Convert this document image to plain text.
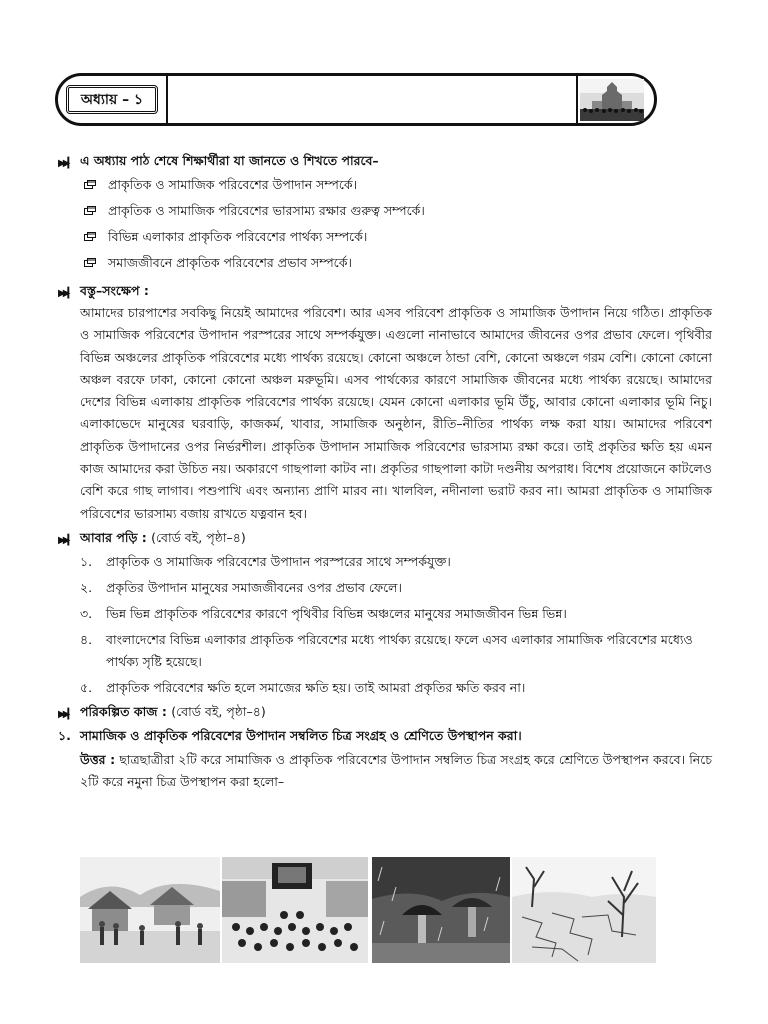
অধ্যায় – ১
▶▶▎ এ অধ্যায় পাঠ শেষে শিক্ষার্থীরা যা জানতে ও শিখতে পারবে–
প্রাকৃতিক ও সামাজিক পরিবেশের উপাদান সম্পর্কে।
প্রাকৃতিক ও সামাজিক পরিবেশের ভারসাম্য রক্ষার গুরুত্ব সম্পর্কে।
বিভিন্ন এলাকার প্রাকৃতিক পরিবেশের পার্থক্য সম্পর্কে।
সমাজজীবনে প্রাকৃতিক পরিবেশের প্রভাব সম্পর্কে।
▶▶▎ বস্তু–সংক্ষেপ :
আমাদের চারপাশের সবকিছু নিয়েই আমাদের পরিবেশ। আর এসব পরিবেশ প্রাকৃতিক ও সামাজিক উপাদান নিয়ে গঠিত। প্রাকৃতিক ও সামাজিক পরিবেশের উপাদান পরস্পরের সাথে সম্পর্কযুক্ত। এগুলো নানাভাবে আমাদের জীবনের ওপর প্রভাব ফেলে। পৃথিবীর বিভিন্ন অঞ্চলের প্রাকৃতিক পরিবেশের মধ্যে পার্থক্য রয়েছে। কোনো অঞ্চলে ঠান্ডা বেশি, কোনো অঞ্চলে গরম বেশি। কোনো কোনো অঞ্চল বরফে ঢাকা, কোনো কোনো অঞ্চল মরুভূমি। এসব পার্থক্যের কারণে সামাজিক জীবনের মধ্যে পার্থক্য রয়েছে। আমাদের দেশের বিভিন্ন এলাকায় প্রাকৃতিক পরিবেশের পার্থক্য রয়েছে। যেমন কোনো এলাকার ভূমি উঁচু, আবার কোনো এলাকার ভূমি নিচু। এলাকাভেদে মানুষের ঘরবাড়ি, কাজকর্ম, খাবার, সামাজিক অনুষ্ঠান, রীতি–নীতির পার্থক্য লক্ষ করা যায়। আমাদের পরিবেশ প্রাকৃতিক উপাদানের ওপর নির্ভরশীল। প্রাকৃতিক উপাদান সামাজিক পরিবেশের ভারসাম্য রক্ষা করে। তাই প্রকৃতির ক্ষতি হয় এমন কাজ আমাদের করা উচিত নয়। অকারণে গাছপালা কাটব না। প্রকৃতির গাছপালা কাটা দণ্ডনীয় অপরাধ। বিশেষ প্রয়োজনে কাটলেও বেশি করে গাছ লাগাব। পশুপাখি এবং অন্যান্য প্রাণি মারব না। খালবিল, নদীনালা ভরাট করব না। আমরা প্রাকৃতিক ও সামাজিক পরিবেশের ভারসাম্য বজায় রাখতে যত্নবান হব।
▶▶▎ আবার পড়ি : (বোর্ড বই, পৃষ্ঠা–৪)
১. প্রাকৃতিক ও সামাজিক পরিবেশের উপাদান পরস্পরের সাথে সম্পর্কযুক্ত।
২. প্রকৃতির উপাদান মানুষের সমাজজীবনের ওপর প্রভাব ফেলে।
৩. ভিন্ন ভিন্ন প্রাকৃতিক পরিবেশের কারণে পৃথিবীর বিভিন্ন অঞ্চলের মানুষের সমাজজীবন ভিন্ন ভিন্ন।
৪. বাংলাদেশের বিভিন্ন এলাকার প্রাকৃতিক পরিবেশের মধ্যে পার্থক্য রয়েছে। ফলে এসব এলাকার সামাজিক পরিবেশের মধ্যেও পার্থক্য সৃষ্টি হয়েছে।
৫. প্রাকৃতিক পরিবেশের ক্ষতি হলে সমাজের ক্ষতি হয়। তাই আমরা প্রকৃতির ক্ষতি করব না।
▶▶▎ পরিকল্পিত কাজ : (বোর্ড বই, পৃষ্ঠা–৪)
১. সামাজিক ও প্রাকৃতিক পরিবেশের উপাদান সম্বলিত চিত্র সংগ্রহ ও শ্রেণিতে উপস্থাপন করা।
উত্তর : ছাত্রছাত্রীরা ২টি করে সামাজিক ও প্রাকৃতিক পরিবেশের উপাদান সম্বলিত চিত্র সংগ্রহ করে শ্রেণিতে উপস্থাপন করবে। নিচে ২টি করে নমুনা চিত্র উপস্থাপন করা হলো–
